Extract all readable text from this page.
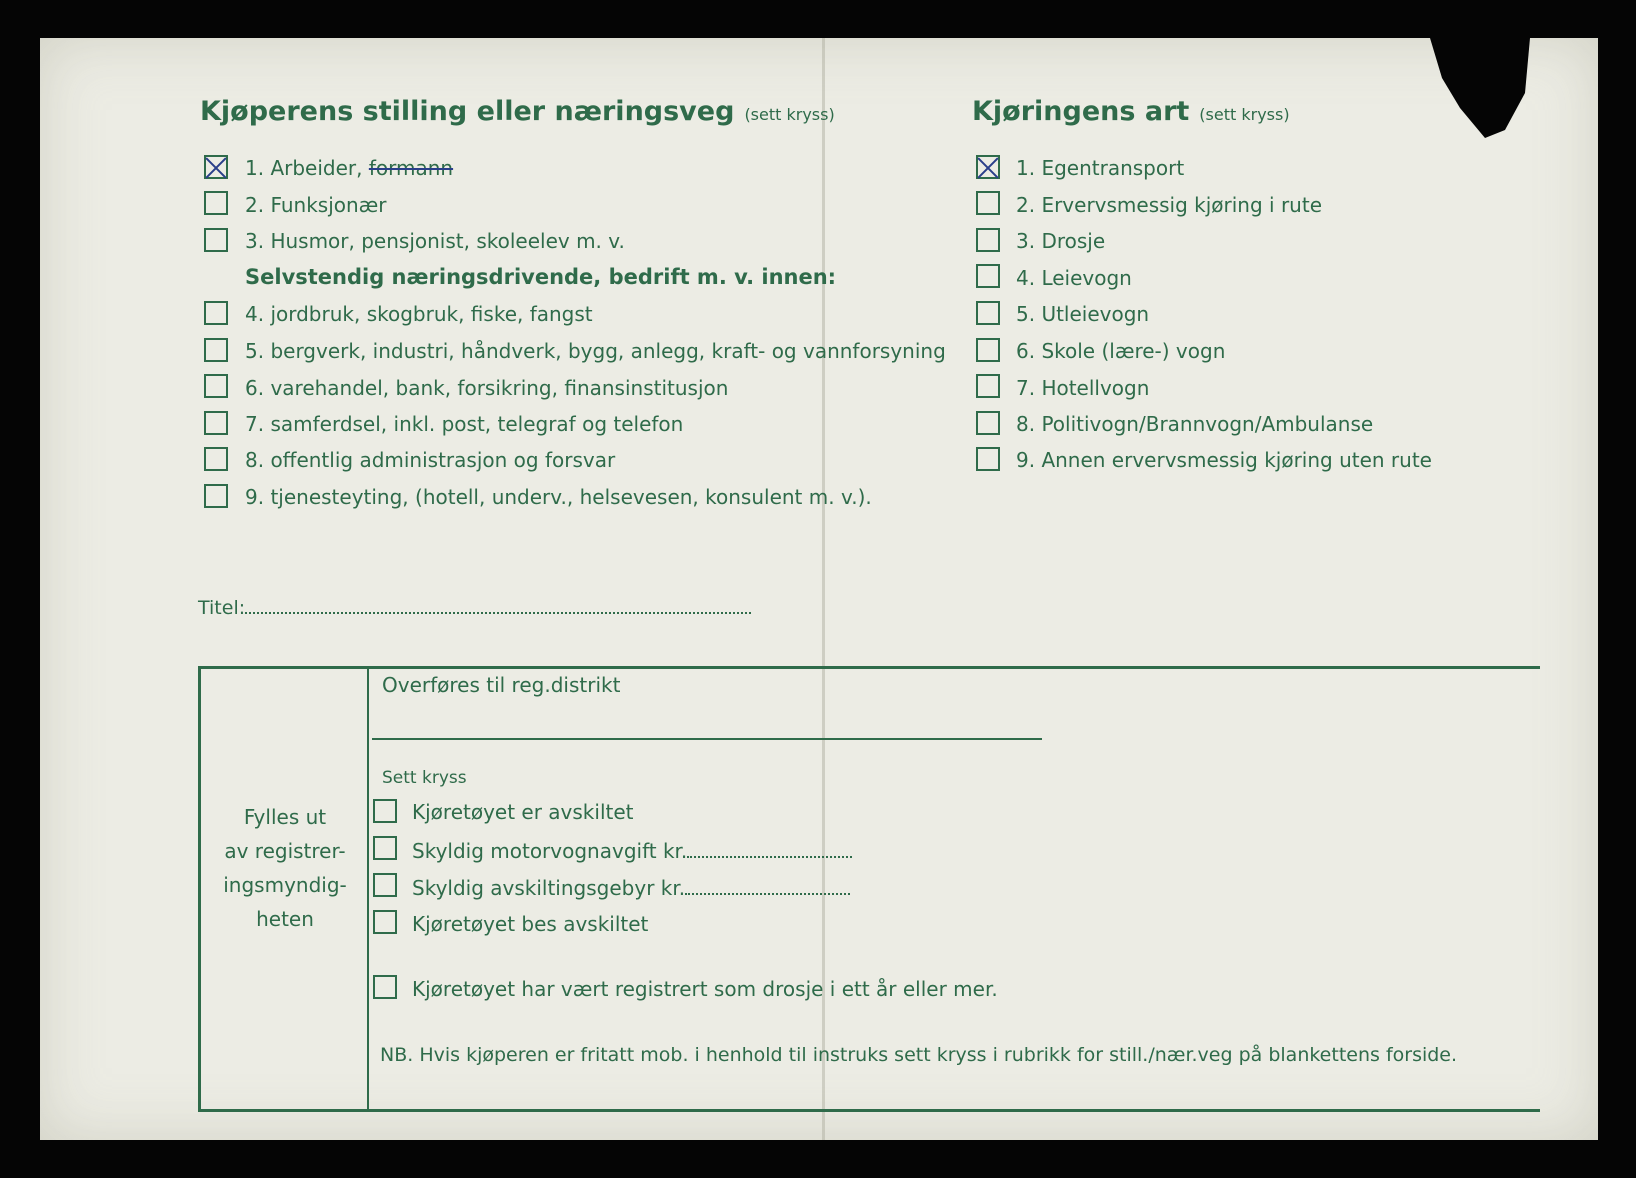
Kjøperens stilling eller næringsveg (sett kryss)
1. Arbeider, formann
2. Funksjonær
3. Husmor, pensjonist, skoleelev m. v.
Selvstendig næringsdrivende, bedrift m. v. innen:
4. jordbruk, skogbruk, fiske, fangst
5. bergverk, industri, håndverk, bygg, anlegg, kraft- og vannforsyning
6. varehandel, bank, forsikring, finansinstitusjon
7. samferdsel, inkl. post, telegraf og telefon
8. offentlig administrasjon og forsvar
9. tjenesteyting, (hotell, underv., helsevesen, konsulent m. v.).
Kjøringens art (sett kryss)
1. Egentransport
2. Ervervsmessig kjøring i rute
3. Drosje
4. Leievogn
5. Utleievogn
6. Skole (lære-) vogn
7. Hotellvogn
8. Politivogn/Brannvogn/Ambulanse
9. Annen ervervsmessig kjøring uten rute
Titel:
Fylles ut
av registrer-
ingsmyndig-
heten
Overføres til reg.distrikt
Sett kryss
Kjøretøyet er avskiltet
Skyldig motorvognavgift kr.
Skyldig avskiltingsgebyr kr.
Kjøretøyet bes avskiltet
Kjøretøyet har vært registrert som drosje i ett år eller mer.
NB. Hvis kjøperen er fritatt mob. i henhold til instruks sett kryss i rubrikk for still./nær.veg på blankettens forside.
